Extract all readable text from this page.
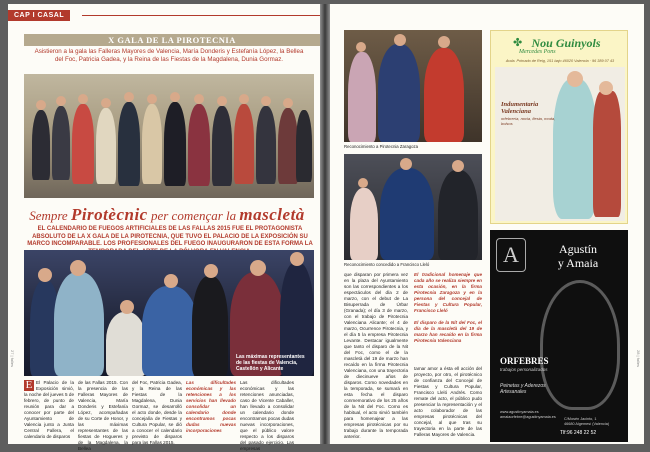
CAP I CASAL
X GALA DE LA PIROTECNIA
Asistieron a la gala las Falleras Mayores de Valencia, María Donderis y Estefanía López, la Bellea del Foc, Patricia Gadea, y la Reina de las Fiestas de la Magdalena, Dunia Gormaz.
Sempre Pirotècnic per començar la mascletà
EL CALENDARIO DE FUEGOS ARTIFICIALES DE LAS FALLAS 2015 FUE EL PROTAGONISTA ABSOLUTO DE LA X GALA DE LA PIROTECNIA, QUE TUVO EL PALACIO DE LA EXPOSICIÓN SU MARCO INCOMPARABLE. LOS PROFESIONALES DEL FUEGO INAUGURARON DE ESTA FORMA LA
Las máximas representantes de las fiestas de Valencia, Castellón y Alicante
E El Palacio de la Exposición sirvió, la noche del jueves 5 de febrero, de punto de reunión para dar a conocer por parte del Ayuntamiento de Valencia junto a Junta Central Fallera, el calendario de disparos
de las Fallas 2015. Con la presencia de las Falleras Mayores de Valencia, María Donderis y Estefanía López, acompañadas de su Corte de Honor, y las máximas representantes de las fiestas de Hogueres y de la Magdalena, la Bellea
del Foc, Patricia Gadea, y la Reina de las Fiestas de la Magdalena, Dunia Gormaz, se desarrolló el acto donde, desde la concejalía de Fiestas y Cultura Popular, se dió a conocer el calendario previsto de disparos para las Fallas 2015.
Las dificultades económicas y las retenciones a los servicios han llevado consolidar un calendario donde encontramos pocas dudas nuevas incorporaciones
Las dificultades económicas y las retenciones anunciadas, caso de Vicente Caballer, han llevado a consolidar un calendario donde encontramos pocas dudas nuevas incorporaciones, que el público valore respecto a los disparos del pasado ejercicio. Las empresas
27 | falles
Reconocimiento a Pirotecnia Zaragoza
Reconocimiento concedido a Francisco Lleló
que disparan por primera vez en la plaza del Ayuntamiento son las correspondientes a los espectáculos del día 2 de marzo, con el debut de La Bisuperrada de Úrbar (Granada); el día 3 de marzo, con el trabajo de Pirotecnia Valenciana Alicante; el 4 de marzo, Ocurrence Pirotecnia, y el día 5 la empresa Pirotecnia Levante. Destacar igualmente que tanto el disparo de la Nit del Foc, como el de la mascletà del 19 de marzo han recaído en la firma Pirotecnia Valenciana, con una trayectoria de diecinueve años de disparos. Como novedades en la temporada, se sumará en esta fecha el disparo conmemorativo de los 25 años de la Nit del Foc. Como es habitual, el acto sirvió también para homenajear a las empresas pirotécnicas por su trabajo durante la temporada anterior.
El tradicional homenaje que cada año se realiza siempre en esta ocasión, en la firma Pirotecnia Zaragoza y en la persona del concejal de Fiestas y Cultura Popular, Francisco Lleló
El disparo de la Nit del Foc, el día de la mascletà del 19 de marzo han recaído en la firma Pirotecnia Valenciana
tamar amor a ésta ell acción del proyecto, por otro, el pirotécnico de confianza del Concejal de Fiestas y Cultura Popular, Francisco Lleló Andrés. Como remate del acto, el público pudo presenciar la representación y el acto colaborador de las empresas pirotécnicas del concejal, al que tras su trayectoria en la parte de las Falleras Mayores de Valencia.
✤ Nou Guinyols
Mercedes Pons
Avda. Primado de Reig, 151 bajo 46020 Valencia · 96 389 07 43
Indumentaria Valenciana
orfebrería, novia, fiesta, moda, bolsos
A	Agustín
y Amaia
ORFEBRES
trabajos personalizados
Peinetas y Aderezos Artesanales
www.agustinyamaia.es
amaiaorfebre@agustinyamaia.es	C/Mosén Jacinto, 1
46680 Algemesí (Valencia)
Tlf:96 248 22 52
28 | falles
